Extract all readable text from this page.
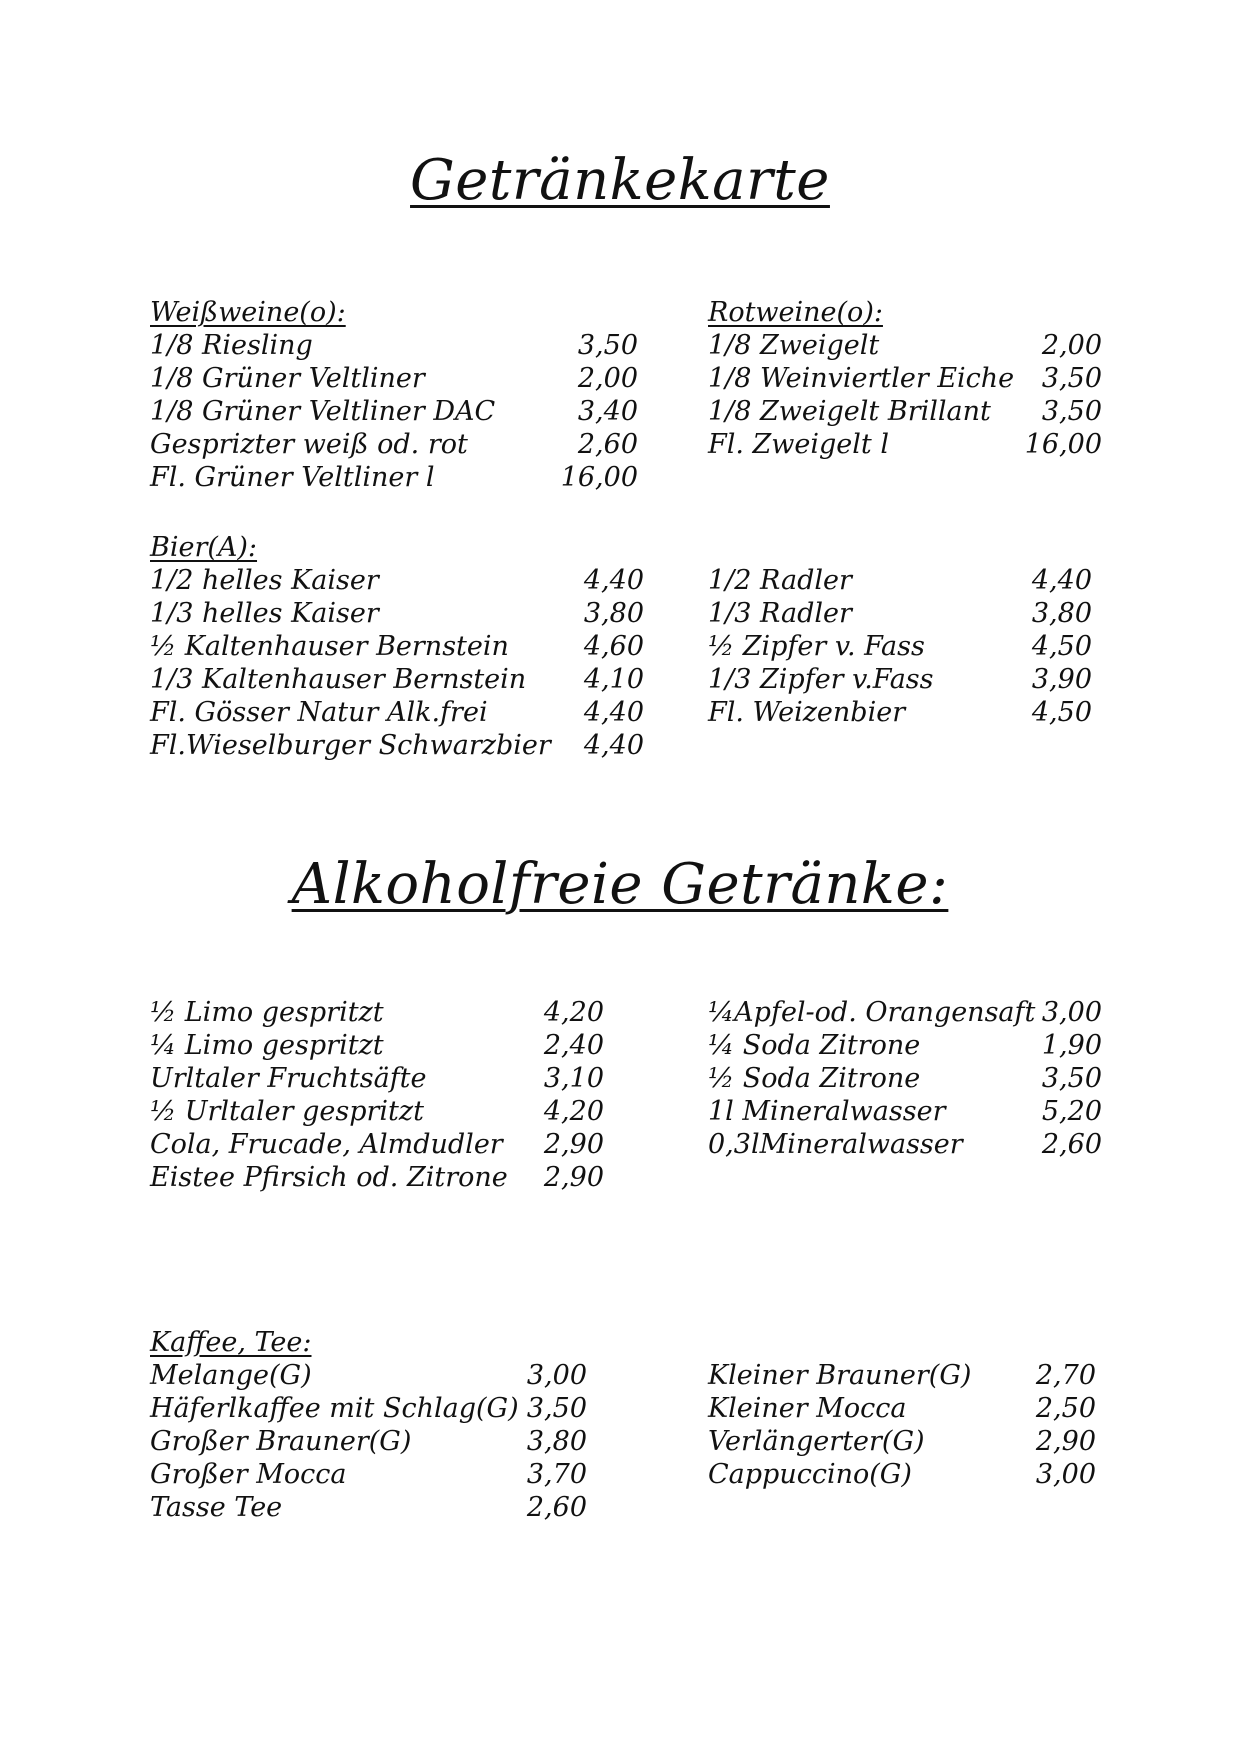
Getränkekarte
Weißweine(o):
1/8 Riesling	3,50
1/8 Grüner Veltliner	2,00
1/8 Grüner Veltliner DAC	3,40
Gesprizter weiß od. rot	2,60
Fl. Grüner Veltliner l	16,00
Rotweine(o):
1/8 Zweigelt	2,00
1/8 Weinviertler Eiche 3,50
1/8 Zweigelt Brillant 3,50
Fl. Zweigelt l	16,00
Bier(A):
1/2 helles Kaiser	4,40
1/3 helles Kaiser	3,80
½ Kaltenhauser Bernstein	4,60
1/3 Kaltenhauser Bernstein 4,10
Fl. Gösser Natur Alk.frei	4,40
Fl.Wieselburger Schwarzbier 4,40
1/2 Radler	4,40
1/3 Radler	3,80
½ Zipfer v. Fass	4,50
1/3 Zipfer v.Fass	3,90
Fl. Weizenbier	4,50
Alkoholfreie Getränke:
½ Limo gespritzt	4,20
¼ Limo gespritzt	2,40
Urltaler Fruchtsäfte	3,10
½ Urltaler gespritzt	4,20
Cola, Frucade, Almdudler 2,90
Eistee Pfirsich od. Zitrone 2,90
¼Apfel-od. Orangensaft 3,00
¼ Soda Zitrone	1,90
½ Soda Zitrone	3,50
1l Mineralwasser	5,20
0,3lMineralwasser	2,60
Kaffee, Tee:
Melange(G)	3,00
Häferlkaffee mit Schlag(G) 3,50
Großer Brauner(G)	3,80
Großer Mocca	3,70
Tasse Tee	2,60
Kleiner Brauner(G) 2,70
Kleiner Mocca	2,50
Verlängerter(G)	2,90
Cappuccino(G)	3,00
